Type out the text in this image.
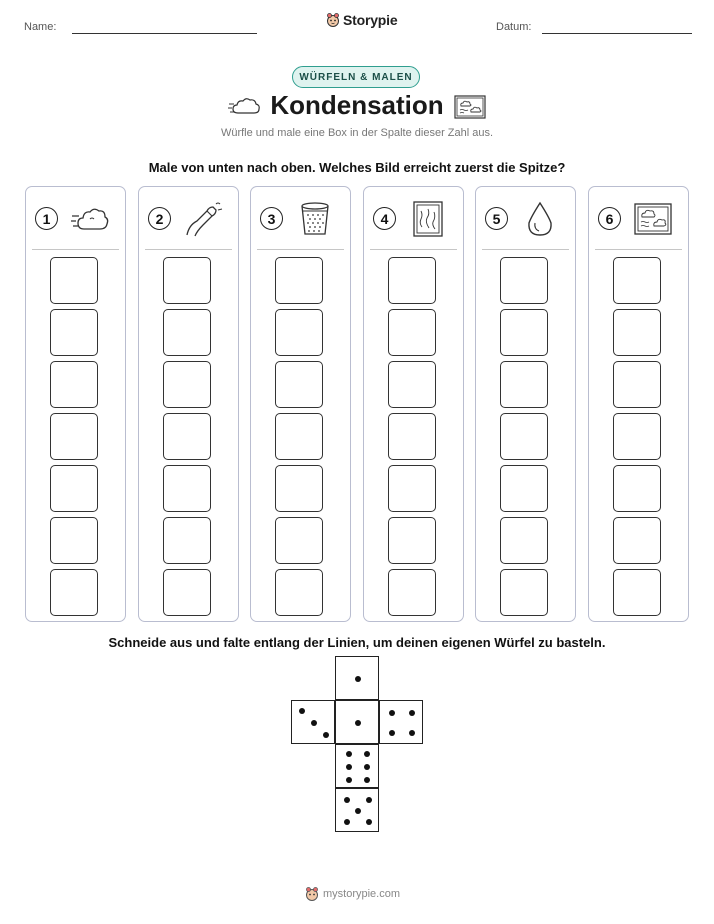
Name:	Storypie	Datum:
WÜRFELN & MALEN
Kondensation
Würfle und male eine Box in der Spalte dieser Zahl aus.
Male von unten nach oben. Welches Bild erreicht zuerst die Spitze?
1	2	3	4	5	6
Schneide aus und falte entlang der Linien, um deinen eigenen Würfel zu basteln.
mystorypie.com
